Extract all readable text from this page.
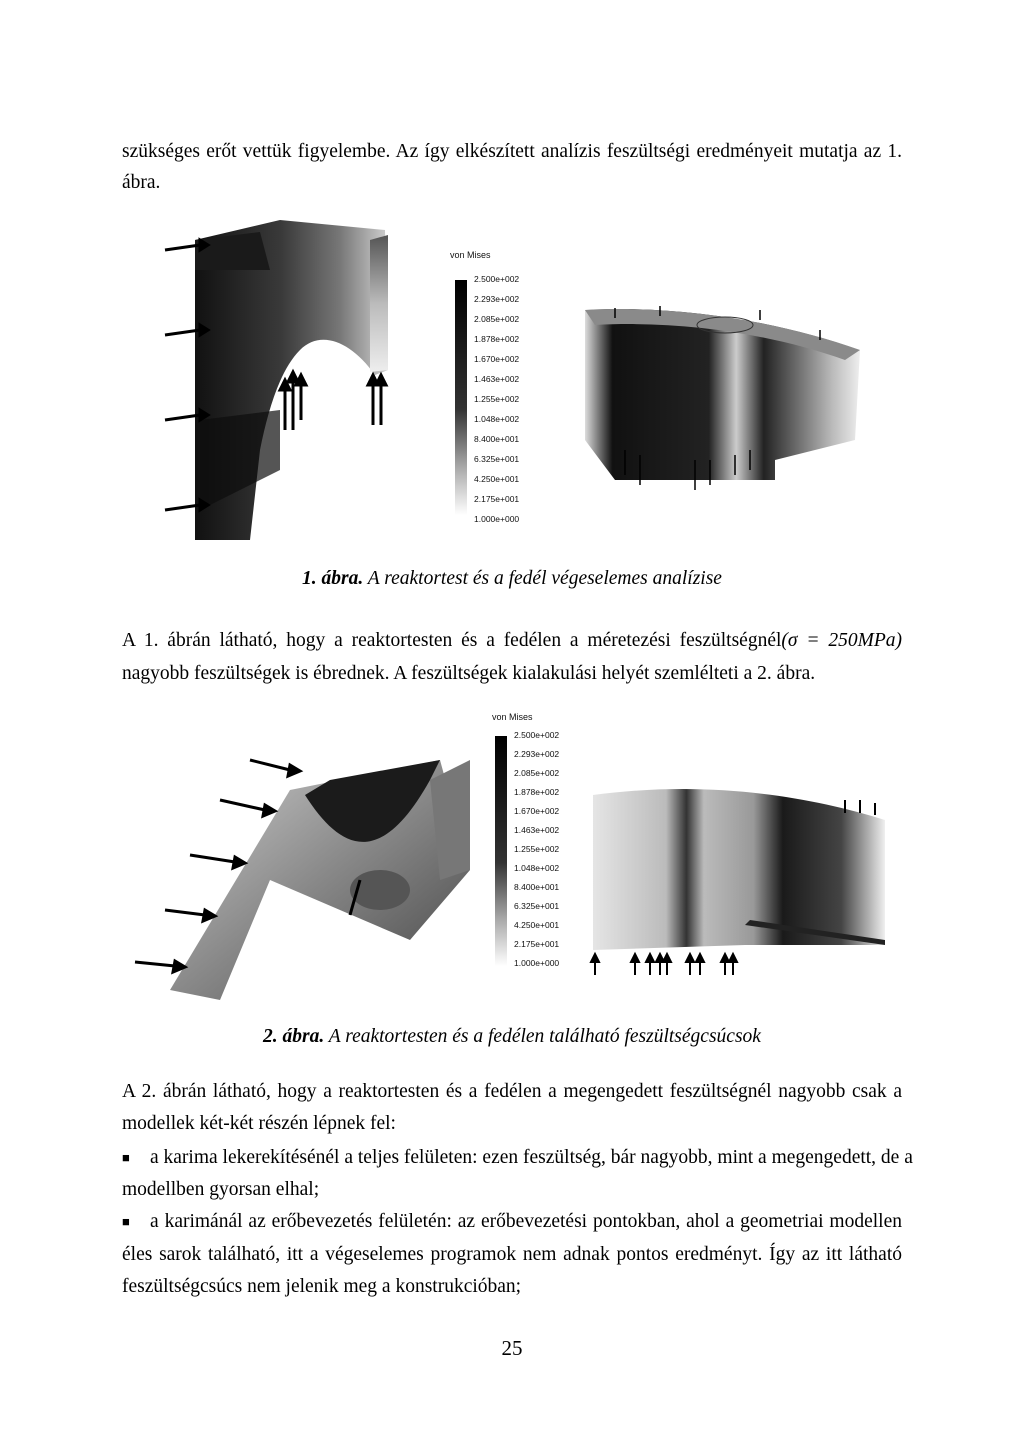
szükséges erőt vettük figyelembe. Az így elkészített analízis feszültségi eredményeit mutatja az 1.
ábra.
von Mises
2.500e+002
2.293e+002
2.085e+002
1.878e+002
1.670e+002
1.463e+002
1.255e+002
1.048e+002
8.400e+001
6.325e+001
4.250e+001
2.175e+001
1.000e+000
1. ábra. A reaktortest és a fedél végeselemes analízise
A 1. ábrán látható, hogy a reaktortesten és a fedélen a méretezési feszültségnél(σ = 250MPa)
nagyobb feszültségek is ébrednek. A feszültségek kialakulási helyét szemlélteti a 2. ábra.
von Mises
2.500e+002
2.293e+002
2.085e+002
1.878e+002
1.670e+002
1.463e+002
1.255e+002
1.048e+002
8.400e+001
6.325e+001
4.250e+001
2.175e+001
1.000e+000
2. ábra. A reaktortesten és a fedélen található feszültségcsúcsok
A 2. ábrán látható, hogy a reaktortesten és a fedélen a megengedett feszültségnél nagyobb csak a
modellek két-két részén lépnek fel:
■ a karima lekerekítésénél a teljes felületen: ezen feszültség, bár nagyobb, mint a megengedett, de a
modellben gyorsan elhal;
■ a karimánál az erőbevezetés felületén: az erőbevezetési pontokban, ahol a geometriai modellen
éles sarok található, itt a végeselemes programok nem adnak pontos eredményt. Így az itt látható
feszültségcsúcs nem jelenik meg a konstrukcióban;
25
